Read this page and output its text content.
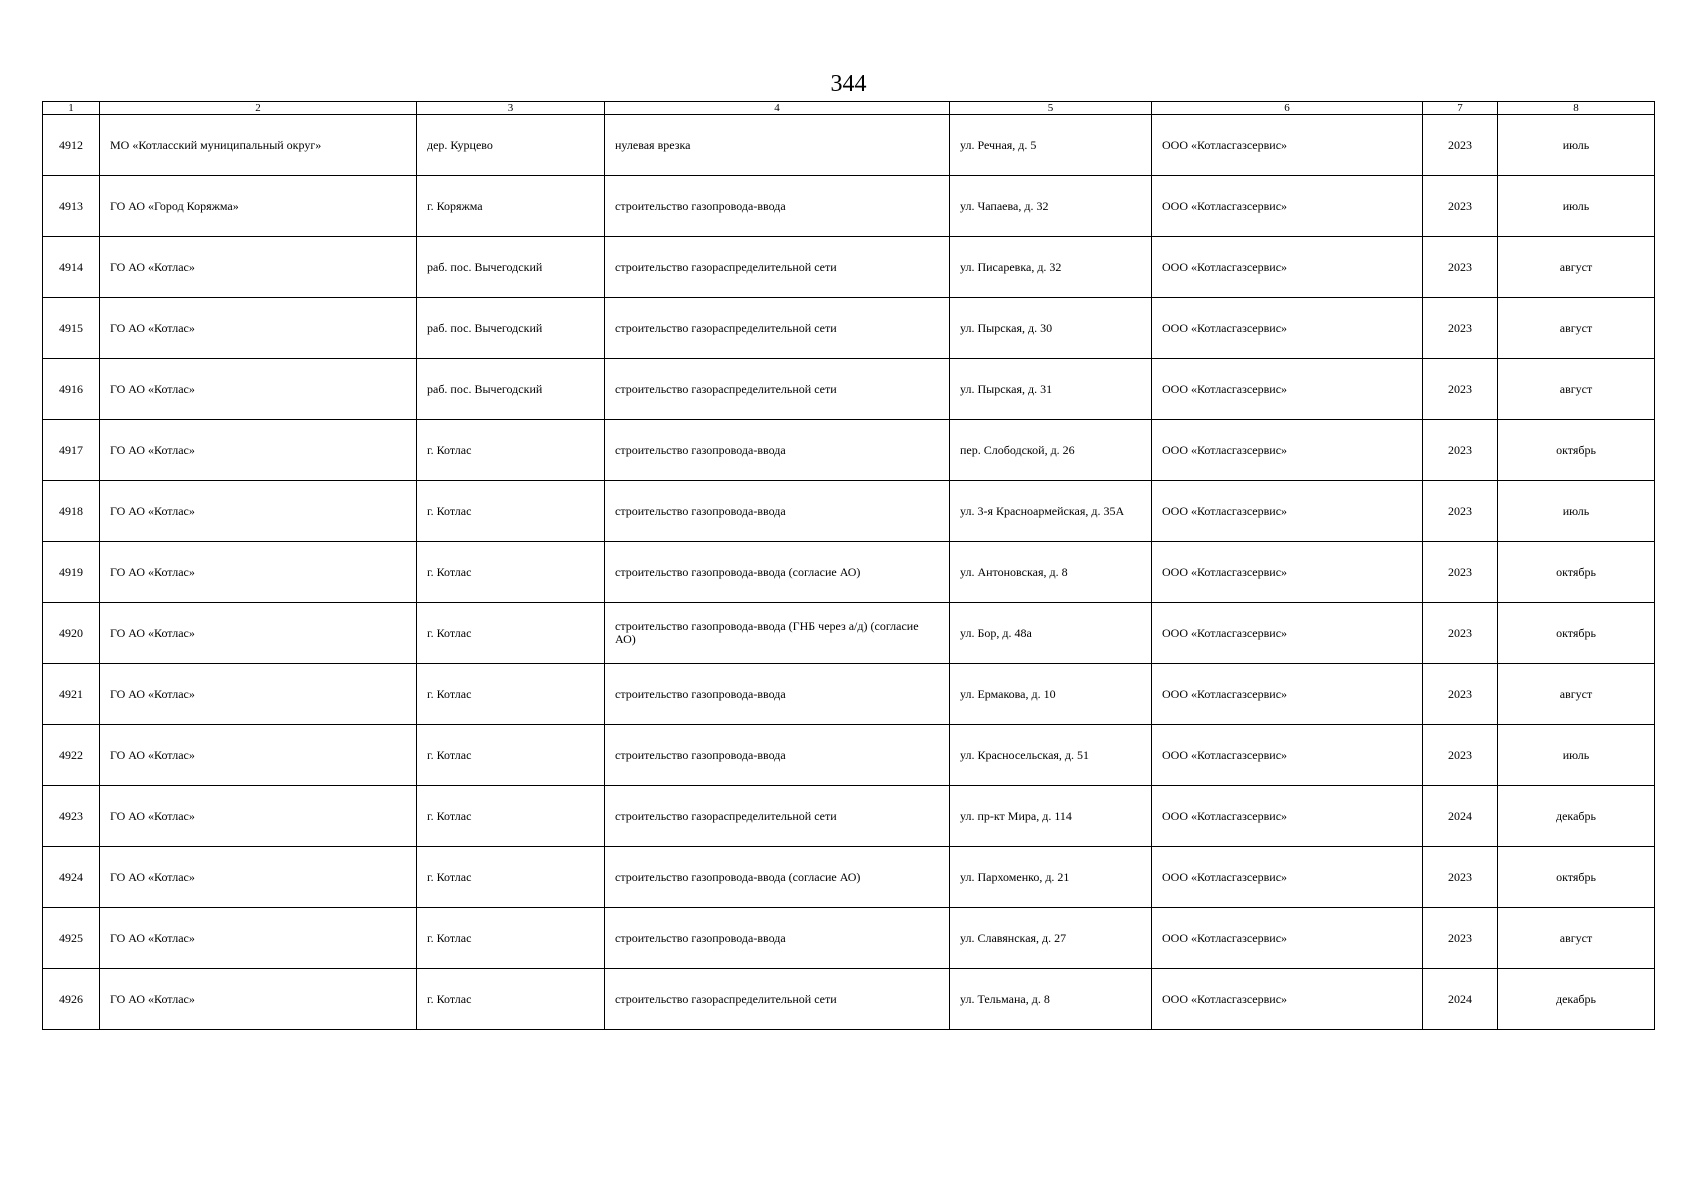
344
1	2	3	4	5	6	7	8
4912	МО «Котласский муниципальный округ»	дер. Курцево	нулевая врезка	ул. Речная, д. 5	ООО «Котласгазсервис»	2023	июль
4913	ГО АО «Город Коряжма»	г. Коряжма	строительство газопровода-ввода	ул. Чапаева, д. 32	ООО «Котласгазсервис»	2023	июль
4914	ГО АО «Котлас»	раб. пос. Вычегодский	строительство газораспределительной сети	ул. Писаревка, д. 32	ООО «Котласгазсервис»	2023	август
4915	ГО АО «Котлас»	раб. пос. Вычегодский	строительство газораспределительной сети	ул. Пырская, д. 30	ООО «Котласгазсервис»	2023	август
4916	ГО АО «Котлас»	раб. пос. Вычегодский	строительство газораспределительной сети	ул. Пырская, д. 31	ООО «Котласгазсервис»	2023	август
4917	ГО АО «Котлас»	г. Котлас	строительство газопровода-ввода	пер. Слободской, д. 26	ООО «Котласгазсервис»	2023	октябрь
4918	ГО АО «Котлас»	г. Котлас	строительство газопровода-ввода	ул. 3-я Красноармейская, д. 35А	ООО «Котласгазсервис»	2023	июль
4919	ГО АО «Котлас»	г. Котлас	строительство газопровода-ввода (согласие АО)	ул. Антоновская, д. 8	ООО «Котласгазсервис»	2023	октябрь
4920	ГО АО «Котлас»	г. Котлас	строительство газопровода-ввода (ГНБ через а/д) (согласие АО)	ул. Бор, д. 48а	ООО «Котласгазсервис»	2023	октябрь
4921	ГО АО «Котлас»	г. Котлас	строительство газопровода-ввода	ул. Ермакова, д. 10	ООО «Котласгазсервис»	2023	август
4922	ГО АО «Котлас»	г. Котлас	строительство газопровода-ввода	ул. Красносельская, д. 51	ООО «Котласгазсервис»	2023	июль
4923	ГО АО «Котлас»	г. Котлас	строительство газораспределительной сети	ул. пр-кт Мира, д. 114	ООО «Котласгазсервис»	2024	декабрь
4924	ГО АО «Котлас»	г. Котлас	строительство газопровода-ввода (согласие АО)	ул. Пархоменко, д. 21	ООО «Котласгазсервис»	2023	октябрь
4925	ГО АО «Котлас»	г. Котлас	строительство газопровода-ввода	ул. Славянская, д. 27	ООО «Котласгазсервис»	2023	август
4926	ГО АО «Котлас»	г. Котлас	строительство газораспределительной сети	ул. Тельмана, д. 8	ООО «Котласгазсервис»	2024	декабрь
